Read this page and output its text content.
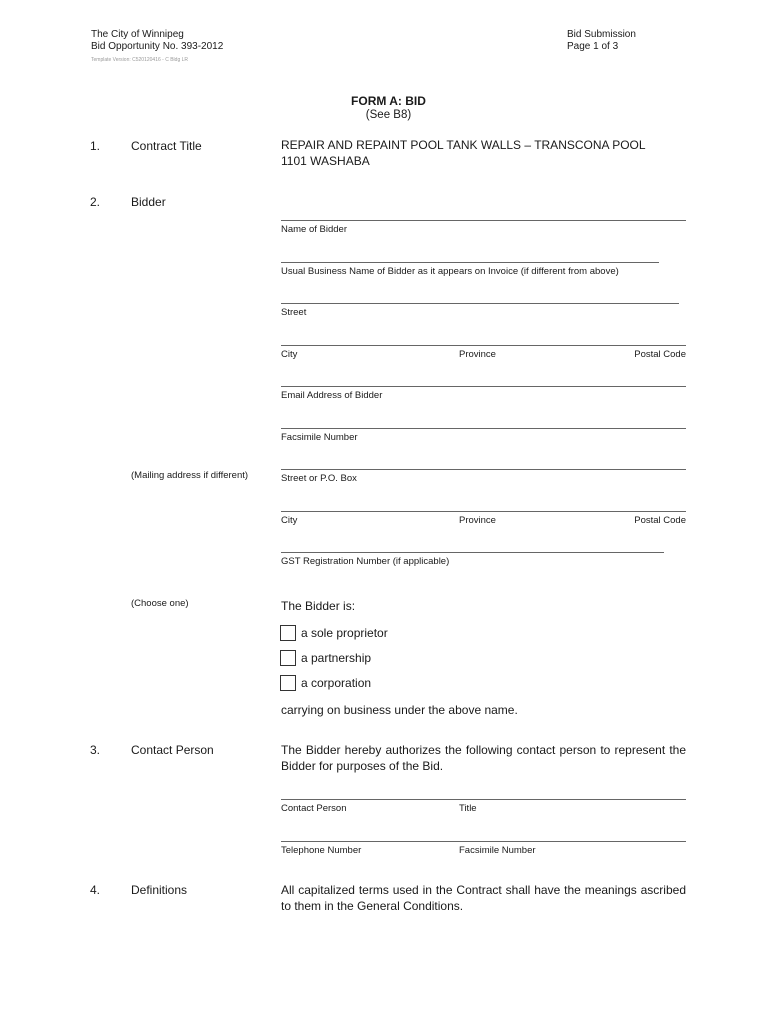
The City of Winnipeg
Bid Opportunity No. 393-2012
Template Version: C520120416 - C Bldg LR
Bid Submission
Page 1 of 3
FORM A: BID
(See B8)
1.	Contract Title	REPAIR AND REPAINT POOL TANK WALLS – TRANSCONA POOL
1101 WASHABA
2.	Bidder
Name of Bidder
Usual Business Name of Bidder as it appears on Invoice (if different from above)
Street
City	Province	Postal Code
Email Address of Bidder
Facsimile Number
(Mailing address if different)	Street or P.O. Box
City	Province	Postal Code
GST Registration Number (if applicable)
(Choose one)	The Bidder is:
a sole proprietor
a partnership
a corporation
carrying on business under the above name.
3.	Contact Person	The Bidder hereby authorizes the following contact person to represent the Bidder for purposes of the Bid.
Contact Person	Title
Telephone Number	Facsimile Number
4.	Definitions	All capitalized terms used in the Contract shall have the meanings ascribed to them in the General Conditions.
